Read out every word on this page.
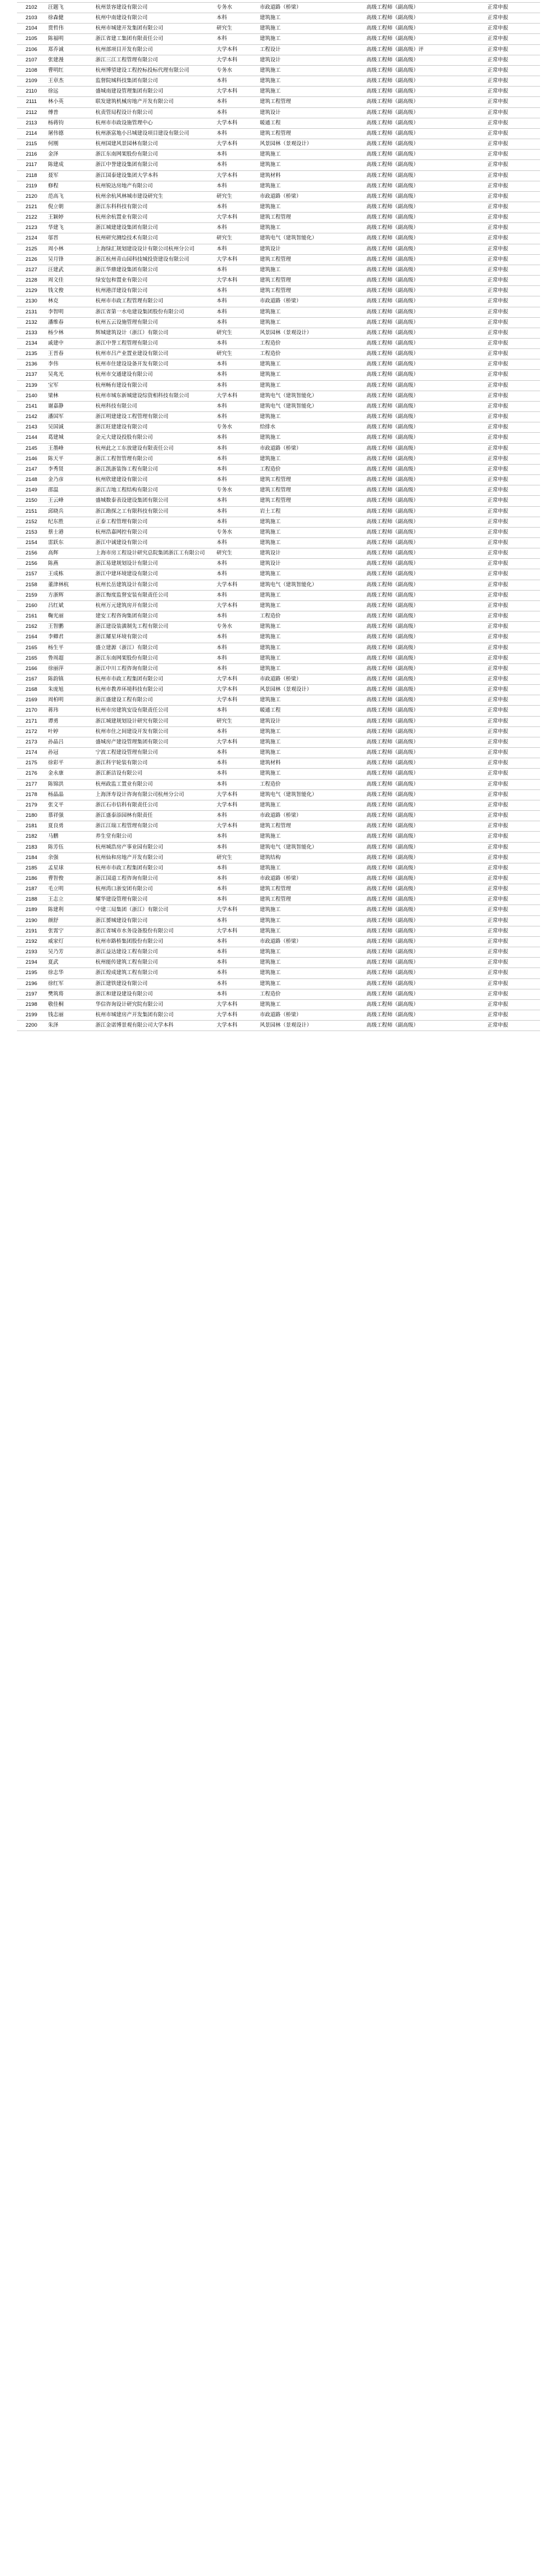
2102	汪题飞	杭州景容建设有限公司	专务水	市政道路（桥梁）	高级工程师（副高级）	正常申报
2103	徐森健	杭州中南建设有限公司	本科	建筑施工	高级工程师（副高级）	正常申报
2104	贾哲伟	杭州市城建开发集团有限公司	研究生	建筑施工	高级工程师（副高级）	正常申报
2105	陈福明	浙江省建工集团有限责任公司	本科	建筑施工	高级工程师（副高级）	正常申报
2106	郑乔诚	杭州部项目开发有限公司	大学本科	工程设计	高级工程师（副高级）评	正常申报
2107	张建漫	浙江三江工程管理有限公司	大学本科	建筑设计	高级工程师（副高级）	正常申报
2108	曹明红	杭州博望建设工程控标投标代理有限公司	专务水	建筑施工	高级工程师（副高级）	正常申报
2109	王章杰	监督院城科技集团有限公司	本科	建筑施工	高级工程师（副高级）	正常申报
2110	徐远	盛城南建设管理集团有限公司	大学本科	建筑施工	高级工程师（副高级）	正常申报
2111	林小英	联发建筑机械房地产开发有限公司	本科	建筑工程管理	高级工程师（副高级）	正常申报
2112	傅普	杭责管局程设计有限公司	本科	建筑设计	高级工程师（副高级）	正常申报
2113	杨蒋钧	杭州市市政设施管理中心	大学本科	暖通工程	高级工程师（副高级）	正常申报
2114	屠伟德	杭州浙富地小吕城建设项目建设有限公司	本科	建筑工程管理	高级工程师（副高级）	正常申报
2115	何刚	杭州国建风景园林有限公司	大学本科	风景园林（景观设计）	高级工程师（副高级）	正常申报
2116	金泽	浙江东南网架股份有限公司	本科	建筑施工	高级工程师（副高级）	正常申报
2117	陈建成	浙江中誉建设集团有限公司	本科	建筑施工	高级工程师（副高级）	正常申报
2118	聂军	浙江国泰建设集团大学本科	大学本科	建筑材料	高级工程师（副高级）	正常申报
2119	修程	杭州锐达房地产有限公司	本科	建筑施工	高级工程师（副高级）	正常申报
2120	范高飞	杭州余杭风林城市建设研究生	研究生	市政道路（桥梁）	高级工程师（副高级）	正常申报
2121	倪立朝	浙江东科科技有限公司	本科	建筑施工	高级工程师（副高级）	正常申报
2122	王颖婷	杭州余杭置业有限公司	大学本科	建筑工程管理	高级工程师（副高级）	正常申报
2123	华建飞	浙江城建建设集团有限公司	本科	建筑施工	高级工程师（副高级）	正常申报
2124	邬晋	杭州研究测绘技术有限公司	研究生	建筑电气（建筑智能化）	高级工程师（副高级）	正常申报
2125	周小林	上海绿汇规划建设设计有限公司杭州分公司	本科	建筑设计	高级工程师（副高级）	正常申报
2126	吴月锋	浙江杭州青山园科技城投资建设有限公司	大学本科	建筑工程管理	高级工程师（副高级）	正常申报
2127	汪建武	浙江华鼎建设集团有限公司	本科	建筑施工	高级工程师（副高级）	正常申报
2128	周文佳	绿安包和置业有限公司	大学本科	建筑工程管理	高级工程师（副高级）	正常申报
2129	钱文俊	杭州港洋建设有限公司	本科	建筑工程管理	高级工程师（副高级）	正常申报
2130	林克	杭州市市政工程管理有限公司	本科	市政道路（桥梁）	高级工程师（副高级）	正常申报
2131	李智明	浙江省第一水电建设集团股份有限公司	本科	建筑施工	高级工程师（副高级）	正常申报
2132	潘维春	杭州五云设施管理有限公司	本科	建筑施工	高级工程师（副高级）	正常申报
2133	杨少林	辉城建筑设计（浙江）有限公司	研究生	风景园林（景观设计）	高级工程师（副高级）	正常申报
2134	戚建中	浙江中誉工程管理有限公司	本科	工程造价	高级工程师（副高级）	正常申报
2135	王晋春	杭州市吕产业置业建设有限公司	研究生	工程造价	高级工程师（副高级）	正常申报
2136	李伟	杭州市住建设设备开发有限公司	本科	建筑施工	高级工程师（副高级）	正常申报
2137	吴兆光	杭州市交通建设有限公司	本科	建筑施工	高级工程师（副高级）	正常申报
2139	宝军	杭州畅有建设有限公司	本科	建筑施工	高级工程师（副高级）	正常申报
2140	梁林	杭州市城东新城建设综资相科技有限公司	大学本科	建筑电气（建筑智能化）	高级工程师（副高级）	正常申报
2141	谢嘉静	杭州科技有限公司	本科	建筑电气（建筑智能化）	高级工程师（副高级）	正常申报
2142	潘国军	浙江明建建设工程管理有限公司	本科	建筑施工	高级工程师（副高级）	正常申报
2143	吴国诚	浙江旺建建设有限公司	专务水	给排水	高级工程师（副高级）	正常申报
2144	葛建城	金元大建设投股有限公司	本科	建筑施工	高级工程师（副高级）	正常申报
2145	王墨峰	杭州此之工东放建设有限责任公司	本科	市政道路（桥梁）	高级工程师（副高级）	正常申报
2146	陈天平	浙江工程智管理有限公司	本科	建筑施工	高级工程师（副高级）	正常申报
2147	李秀贤	浙江凯浙装饰工程有限公司	本科	工程造价	高级工程师（副高级）	正常申报
2148	金乃彦	杭州欣建建设有限公司	本科	建筑工程管理	高级工程师（副高级）	正常申报
2149	邵温	浙江吉地工程结构有限公司	专务水	建筑工程管理	高级工程师（副高级）	正常申报
2150	王云峰	盛城数泰表设建设集团有限公司	本科	建筑工程管理	高级工程师（副高级）	正常申报
2151	邱晓兵	浙江勘探之工有限科技有限公司	本科	岩土工程	高级工程师（副高级）	正常申报
2152	纪东胜	正泰工程管理有限公司	本科	建筑施工	高级工程师（副高级）	正常申报
2153	蔡士港	杭州浩嘉网控有限公司	专务水	建筑施工	高级工程师（副高级）	正常申报
2154	雷跃东	浙江中诚建设有限公司	本科	建筑施工	高级工程师（副高级）	正常申报
2156	高辉	上海市房工程设计研究总院集团浙江工有限公司	研究生	建筑设计	高级工程师（副高级）	正常申报
2156	陈燕	浙江易建规划设计有限公司	本科	建筑设计	高级工程师（副高级）	正常申报
2157	王成栋	浙江中建环境建设有限公司	本科	建筑施工	高级工程师（副高级）	正常申报
2158	董津林杭	杭州长岳建筑设计有限公司	大学本科	建筑电气（建筑智能化）	高级工程师（副高级）	正常申报
2159	方浙辉	浙江悔度监督安装有限责任公司	本科	建筑施工	高级工程师（副高级）	正常申报
2160	吕红斌	杭州万元建筑房开有限公司	大学本科	建筑施工	高级工程师（副高级）	正常申报
2161	鞠光丽	建安工程咨询集团有限公司	本科	工程造价	高级工程师（副高级）	正常申报
2162	王智鹏	浙江建设装潢制先工程有限公司	专务水	建筑施工	高级工程师（副高级）	正常申报
2164	李卿君	浙江耀星环境有限公司	本科	建筑施工	高级工程师（副高级）	正常申报
2165	杨生平	盛立建源（浙江）有限公司	本科	建筑施工	高级工程师（副高级）	正常申报
2165	鲁周超	浙江东南网架股份有限公司	本科	建筑施工	高级工程师（副高级）	正常申报
2166	徐丽萍	浙江中川工程咨询有限公司	本科	建筑施工	高级工程师（副高级）	正常申报
2167	陈韵镇	杭州市市政工程集团有限公司	大学本科	市政道路（桥梁）	高级工程师（副高级）	正常申报
2168	朱庞旭	杭州市教养环境科技有限公司	大学本科	风景园林（景观设计）	高级工程师（副高级）	正常申报
2169	周柏明	浙江盛建设工程有限公司	大学本科	建筑施工	高级工程师（副高级）	正常申报
2170	蒋玮	杭州市房建筑安设有限责任公司	本科	暖通工程	高级工程师（副高级）	正常申报
2171	谭勇	浙江城建规划设计研究有限公司	研究生	建筑设计	高级工程师（副高级）	正常申报
2172	叶婷	杭州市住之间建设开发有限公司	本科	建筑施工	高级工程师（副高级）	正常申报
2173	孙晶吕	盛城房产建设管理集团有限公司	大学本科	建筑施工	高级工程师（副高级）	正常申报
2174	孙冠	宁波工程建设管理有限公司	本科	建筑施工	高级工程师（副高级）	正常申报
2175	徐彩平	浙江科宇轮装有限公司	本科	建筑材料	高级工程师（副高级）	正常申报
2176	金永康	浙江新洁设有限公司	本科	建筑施工	高级工程师（副高级）	正常申报
2177	陈锦洪	杭州政监工置业有限公司	本科	工程造价	高级工程师（副高级）	正常申报
2178	杨晶晶	上海泽寿设计咨询有限公司杭州分公司	大学本科	建筑电气（建筑智能化）	高级工程师（副高级）	正常申报
2179	张文平	浙江石市信科有限责任公司	大学本科	建筑施工	高级工程师（副高级）	正常申报
2180	慕祥强	浙江盛泰添园林有限责任	本科	市政道路（桥梁）	高级工程师（副高级）	正常申报
2181	夏良勇	浙江江瑞工程管理有限公司	大学本科	建筑工程管理	高级工程师（副高级）	正常申报
2182	马鹏	养生堂有限公司	本科	建筑施工	高级工程师（副高级）	正常申报
2183	陈芳伍	杭州城浩房产事业园有限公司	本科	建筑电气（建筑智能化）	高级工程师（副高级）	正常申报
2184	余强	杭州仙和房地产开发有限公司	研究生	建筑结构	高级工程师（副高级）	正常申报
2185	孟星球	杭州市市政工程集团有限公司	本科	建筑施工	高级工程师（副高级）	正常申报
2186	曹智俊	浙江国道工程咨询有限公司	本科	市政道路（桥梁）	高级工程师（副高级）	正常申报
2187	毛立明	杭州湾口浙安团有限公司	本科	建筑工程管理	高级工程师（副高级）	正常申报
2188	王志立	耀华建设管理有限公司	本科	建筑工程管理	高级工程师（副高级）	正常申报
2189	陈建利	中建三局集团（浙江）有限公司	大学本科	建筑施工	高级工程师（副高级）	正常申报
2190	颜舒	浙江赟城建设有限公司	本科	建筑施工	高级工程师（副高级）	正常申报
2191	张霄宁	浙江省城市水务设备股份有限公司	大学本科	建筑施工	高级工程师（副高级）	正常申报
2192	威家灯	杭州市路桥集团股份有限公司	本科	市政道路（桥梁）	高级工程师（副高级）	正常申报
2193	吴乃芳	浙江益达建设工程有限公司	本科	建筑施工	高级工程师（副高级）	正常申报
2194	夏武	杭州能传建筑工程有限公司	本科	建筑施工	高级工程师（副高级）	正常申报
2195	徐志华	浙江煌成建筑工程有限公司	本科	建筑施工	高级工程师（副高级）	正常申报
2196	徐红军	浙江建铁建设有限公司	本科	建筑施工	高级工程师（副高级）	正常申报
2197	樊筑将	浙江和建设建设有限公司	本科	工程造价	高级工程师（副高级）	正常申报
2198	敬佳桐	华信咨询设计研究院有限公司	大学本科	建筑施工	高级工程师（副高级）	正常申报
2199	钱志丽	杭州市城建房产开发集团有限公司	大学本科	市政道路（桥梁）	高级工程师（副高级）	正常申报
2200	朱泽	浙江金诺博景观有限公司大学本科	大学本科	风景园林（景观设计）	高级工程师（副高级）	正常申报
